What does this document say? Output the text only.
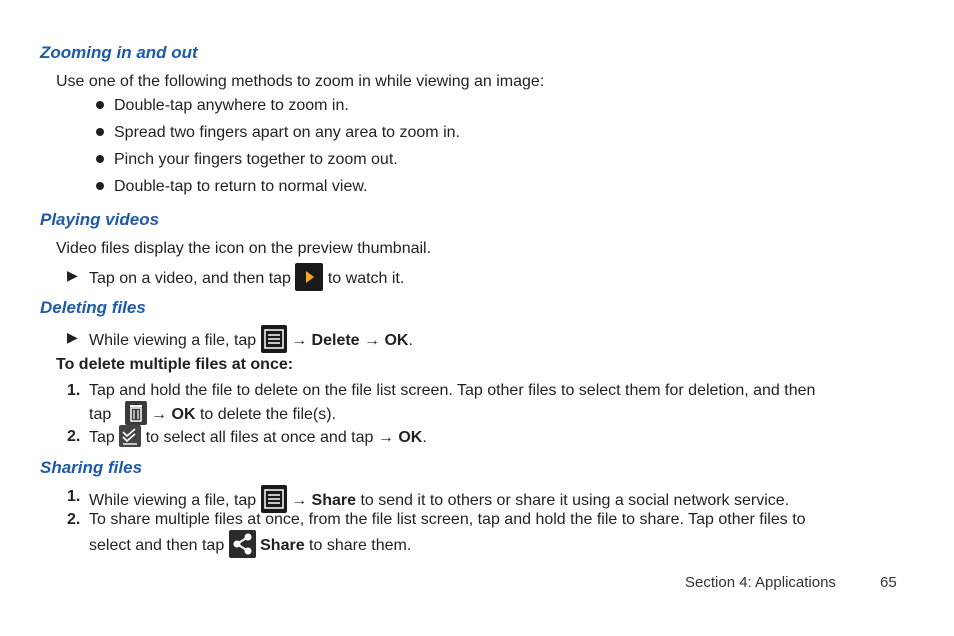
Zooming in and out
Use one of the following methods to zoom in while viewing an image:
Double-tap anywhere to zoom in.
Spread two fingers apart on any area to zoom in.
Pinch your fingers together to zoom out.
Double-tap to return to normal view.
Playing videos
Video files display the icon on the preview thumbnail.
▶ Tap on a video, and then tap to watch it.
Deleting files
▶ While viewing a file, tap → Delete → OK.
To delete multiple files at once:
1. Tap and hold the file to delete on the file list screen. Tap other files to select them for deletion, and then
tap → OK to delete the file(s).
2. Tap to select all files at once and tap → OK.
Sharing files
1. While viewing a file, tap → Share to send it to others or share it using a social network service.
2. To share multiple files at once, from the file list screen, tap and hold the file to share. Tap other files to
select and then tap Share to share them.
Section 4: Applications	65
